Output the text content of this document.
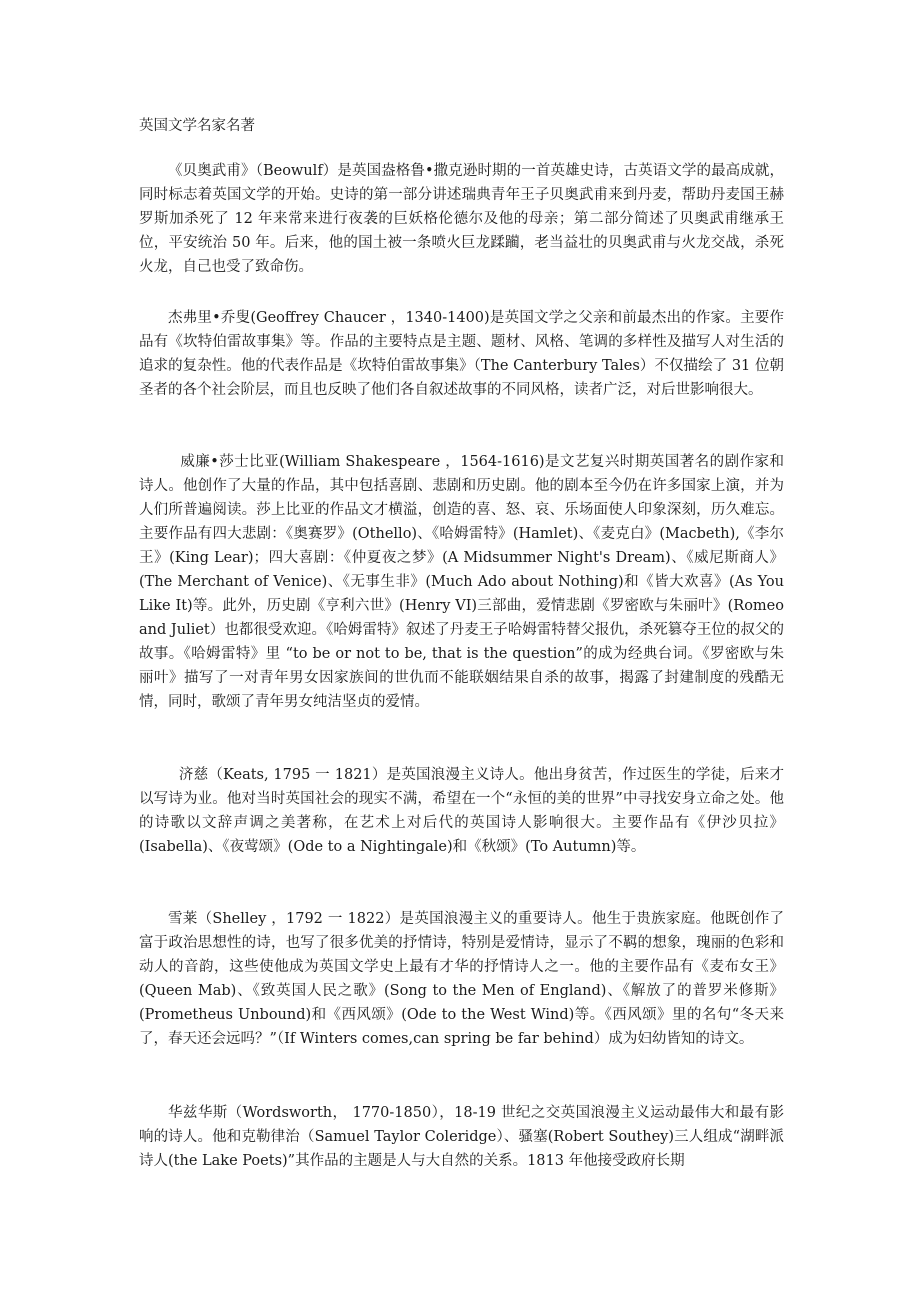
英国文学名家名著

《贝奥武甫》（Beowulf）是英国盎格鲁•撒克逊时期的一首英雄史诗，古英语文学的最高成就，同时标志着英国文学的开始。史诗的第一部分讲述瑞典青年王子贝奥武甫来到丹麦，帮助丹麦国王赫罗斯加杀死了 12 年来常来进行夜袭的巨妖格伦德尔及他的母亲；第二部分简述了贝奥武甫继承王位，平安统治 50 年。后来，他的国土被一条喷火巨龙蹂躏，老当益壮的贝奥武甫与火龙交战，杀死火龙，自己也受了致命伤。

杰弗里•乔叟(Geoffrey Chaucer ，1340-1400)是英国文学之父亲和前最杰出的作家。主要作品有《坎特伯雷故事集》等。作品的主要特点是主题、题材、风格、笔调的多样性及描写人对生活的追求的复杂性。他的代表作品是《坎特伯雷故事集》（The Canterbury Tales）不仅描绘了 31 位朝圣者的各个社会阶层，而且也反映了他们各自叙述故事的不同风格，读者广泛，对后世影响很大。

威廉•莎士比亚(William Shakespeare ，1564-1616)是文艺复兴时期英国著名的剧作家和诗人。他创作了大量的作品，其中包括喜剧、悲剧和历史剧。他的剧本至今仍在许多国家上演，并为人们所普遍阅读。莎上比亚的作品文才横溢，创造的喜、怒、哀、乐场面使人印象深刻，历久难忘。主要作品有四大悲剧：《奥赛罗》(Othello)、《哈姆雷特》(Hamlet)、《麦克白》(Macbeth),《李尔王》(King Lear)；四大喜剧：《仲夏夜之梦》(A Midsummer Night's Dream)、《威尼斯商人》(The Merchant of Venice)、《无事生非》(Much Ado about Nothing)和《皆大欢喜》(As You Like It)等。此外，历史剧《亨利六世》(Henry VI)三部曲，爱情悲剧《罗密欧与朱丽叶》(Romeo and Juliet）也都很受欢迎。《哈姆雷特》叙述了丹麦王子哈姆雷特替父报仇，杀死篡夺王位的叔父的故事。《哈姆雷特》里 “to be or not to be, that is the question”的成为经典台词。《罗密欧与朱丽叶》描写了一对青年男女因家族间的世仇而不能联姻结果自杀的故事，揭露了封建制度的残酷无情，同时，歌颂了青年男女纯洁坚贞的爱情。

济慈（Keats, 1795 一 1821）是英国浪漫主义诗人。他出身贫苦，作过医生的学徒，后来才以写诗为业。他对当时英国社会的现实不满，希望在一个“永恒的美的世界”中寻找安身立命之处。他的诗歌以文辞声调之美著称，在艺术上对后代的英国诗人影响很大。主要作品有《伊沙贝拉》(Isabella)、《夜莺颂》(Ode to a Nightingale)和《秋颂》(To Autumn)等。

雪莱（Shelley ，1792 一 1822）是英国浪漫主义的重要诗人。他生于贵族家庭。他既创作了富于政治思想性的诗，也写了很多优美的抒情诗，特别是爱情诗，显示了不羁的想象，瑰丽的色彩和动人的音韵，这些使他成为英国文学史上最有才华的抒情诗人之一。他的主要作品有《麦布女王》(Queen Mab)、《致英国人民之歌》(Song to the Men of England)、《解放了的普罗米修斯》(Prometheus Unbound)和《西风颂》(Ode to the West Wind)等。《西风颂》里的名句“冬天来了，春天还会远吗？”（If Winters comes,can spring be far behind）成为妇幼皆知的诗文。

华兹华斯（Wordsworth， 1770-1850），18-19 世纪之交英国浪漫主义运动最伟大和最有影响的诗人。他和克勒律治（Samuel Taylor Coleridge）、骚塞(Robert Southey)三人组成“湖畔派诗人(the Lake Poets)”其作品的主题是人与大自然的关系。1813 年他接受政府长期
